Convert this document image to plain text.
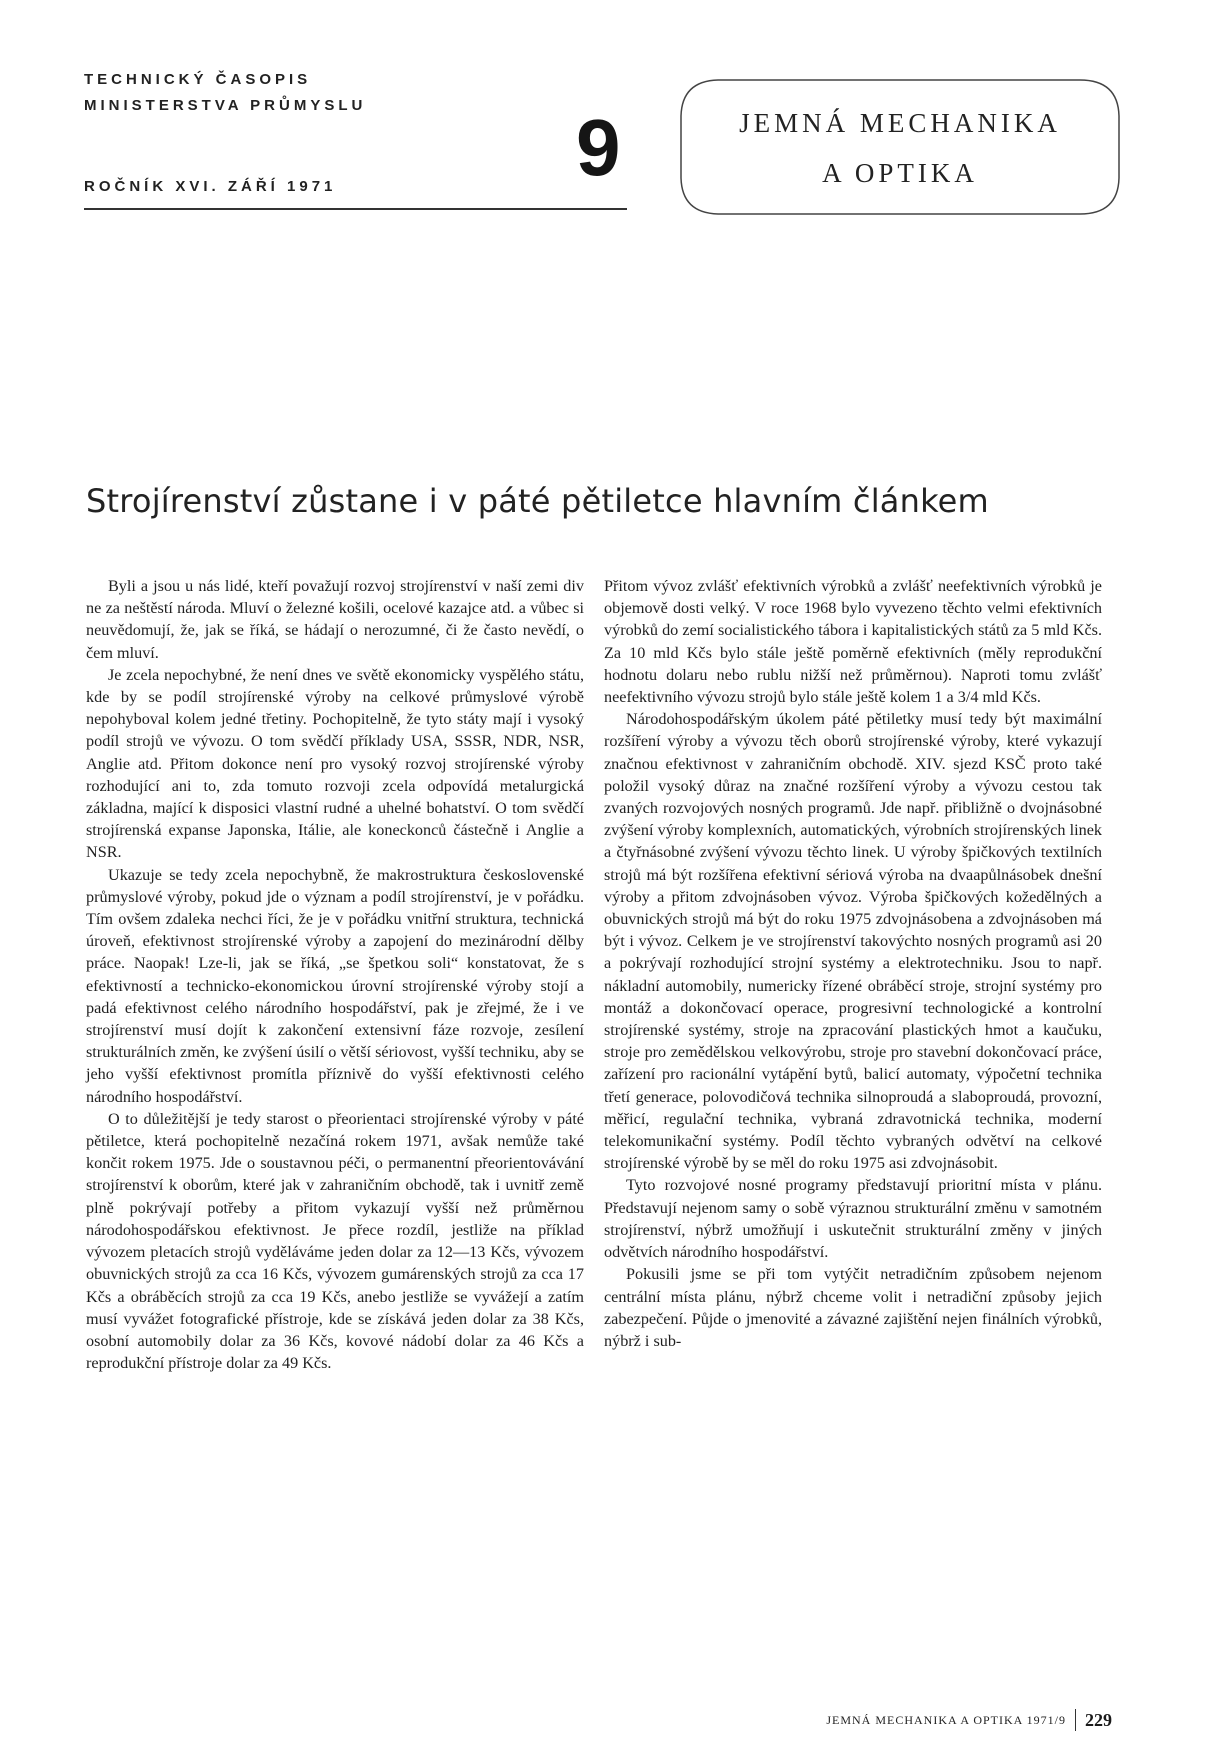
TECHNICKÝ ČASOPIS
MINISTERSTVA PRŮMYSLU
ROČNÍK XVI. ZÁŘÍ 1971	9	JEMNÁ MECHANIKA
A OPTIKA
Strojírenství zůstane i v páté pětiletce hlavním článkem

Byli a jsou u nás lidé, kteří považují rozvoj strojírenství v naší zemi div ne za neštěstí národa. Mluví o železné košili, ocelové kazajce atd. a vůbec si neuvědomují, že, jak se říká, se hádají o nerozumné, či že často nevědí, o čem mluví.

Je zcela nepochybné, že není dnes ve světě ekonomicky vyspělého státu, kde by se podíl strojírenské výroby na celkové průmyslové výrobě nepohyboval kolem jedné třetiny. Pochopitelně, že tyto státy mají i vysoký podíl strojů ve vývozu. O tom svědčí příklady USA, SSSR, NDR, NSR, Anglie atd. Přitom dokonce není pro vysoký rozvoj strojírenské výroby rozhodující ani to, zda tomuto rozvoji zcela odpovídá metalurgická základna, mající k disposici vlastní rudné a uhelné bohatství. O tom svědčí strojírenská expanse Japonska, Itálie, ale koneckonců částečně i Anglie a NSR.

Ukazuje se tedy zcela nepochybně, že makrostruktura československé průmyslové výroby, pokud jde o význam a podíl strojírenství, je v pořádku. Tím ovšem zdaleka nechci říci, že je v pořádku vnitřní struktura, technická úroveň, efektivnost strojírenské výroby a zapojení do mezinárodní dělby práce. Naopak! Lze-li, jak se říká, „se špetkou soli“ konstatovat, že s efektivností a technicko-ekonomickou úrovní strojírenské výroby stojí a padá efektivnost celého národního hospodářství, pak je zřejmé, že i ve strojírenství musí dojít k zakončení extensivní fáze rozvoje, zesílení strukturálních změn, ke zvýšení úsilí o větší sériovost, vyšší techniku, aby se jeho vyšší efektivnost promítla příznivě do vyšší efektivnosti celého národního hospodářství.

O to důležitější je tedy starost o přeorientaci strojírenské výroby v páté pětiletce, která pochopitelně nezačíná rokem 1971, avšak nemůže také končit rokem 1975. Jde o soustavnou péči, o permanentní přeorientovávání strojírenství k oborům, které jak v zahraničním obchodě, tak i uvnitř země plně pokrývají potřeby a přitom vykazují vyšší než průměrnou národohospodářskou efektivnost. Je přece rozdíl, jestliže na příklad vývozem pletacích strojů vyděláváme jeden dolar za 12—13 Kčs, vývozem obuvnických strojů za cca 16 Kčs, vývozem gumárenských strojů za cca 17 Kčs a obráběcích strojů za cca 19 Kčs, anebo jestliže se vyvážejí a zatím musí vyvážet fotografické přístroje, kde se získává jeden dolar za 38 Kčs, osobní automobily dolar za 36 Kčs, kovové nádobí dolar za 46 Kčs a reprodukční přístroje dolar za 49 Kčs.

Přitom vývoz zvlášť efektivních výrobků a zvlášť neefektivních výrobků je objemově dosti velký. V roce 1968 bylo vyvezeno těchto velmi efektivních výrobků do zemí socialistického tábora i kapitalistických států za 5 mld Kčs. Za 10 mld Kčs bylo stále ještě poměrně efektivních (měly reprodukční hodnotu dolaru nebo rublu nižší než průměrnou). Naproti tomu zvlášť neefektivního vývozu strojů bylo stále ještě kolem 1 a 3/4 mld Kčs.

Národohospodářským úkolem páté pětiletky musí tedy být maximální rozšíření výroby a vývozu těch oborů strojírenské výroby, které vykazují značnou efektivnost v zahraničním obchodě. XIV. sjezd KSČ proto také položil vysoký důraz na značné rozšíření výroby a vývozu cestou tak zvaných rozvojových nosných programů. Jde např. přibližně o dvojnásobné zvýšení výroby komplexních, automatických, výrobních strojírenských linek a čtyřnásobné zvýšení vývozu těchto linek. U výroby špičkových textilních strojů má být rozšířena efektivní sériová výroba na dvaapůlnásobek dnešní výroby a přitom zdvojnásoben vývoz. Výroba špičkových kožedělných a obuvnických strojů má být do roku 1975 zdvojnásobena a zdvojnásoben má být i vývoz. Celkem je ve strojírenství takovýchto nosných programů asi 20 a pokrývají rozhodující strojní systémy a elektrotechniku. Jsou to např. nákladní automobily, numericky řízené obráběcí stroje, strojní systémy pro montáž a dokončovací operace, progresivní technologické a kontrolní strojírenské systémy, stroje na zpracování plastických hmot a kaučuku, stroje pro zemědělskou velkovýrobu, stroje pro stavební dokončovací práce, zařízení pro racionální vytápění bytů, balicí automaty, výpočetní technika třetí generace, polovodičová technika silnoproudá a slaboproudá, provozní, měřicí, regulační technika, vybraná zdravotnická technika, moderní telekomunikační systémy. Podíl těchto vybraných odvětví na celkové strojírenské výrobě by se měl do roku 1975 asi zdvojnásobit.

Tyto rozvojové nosné programy představují prioritní místa v plánu. Představují nejenom samy o sobě výraznou strukturální změnu v samotném strojírenství, nýbrž umožňují i uskutečnit strukturální změny v jiných odvětvích národního hospodářství.

Pokusili jsme se při tom vytýčit netradičním způsobem nejenom centrální místa plánu, nýbrž chceme volit i netradiční způsoby jejich zabezpečení. Půjde o jmenovité a závazné zajištění nejen finálních výrobků, nýbrž i sub-

JEMNÁ MECHANIKA A OPTIKA 1971/9 229
